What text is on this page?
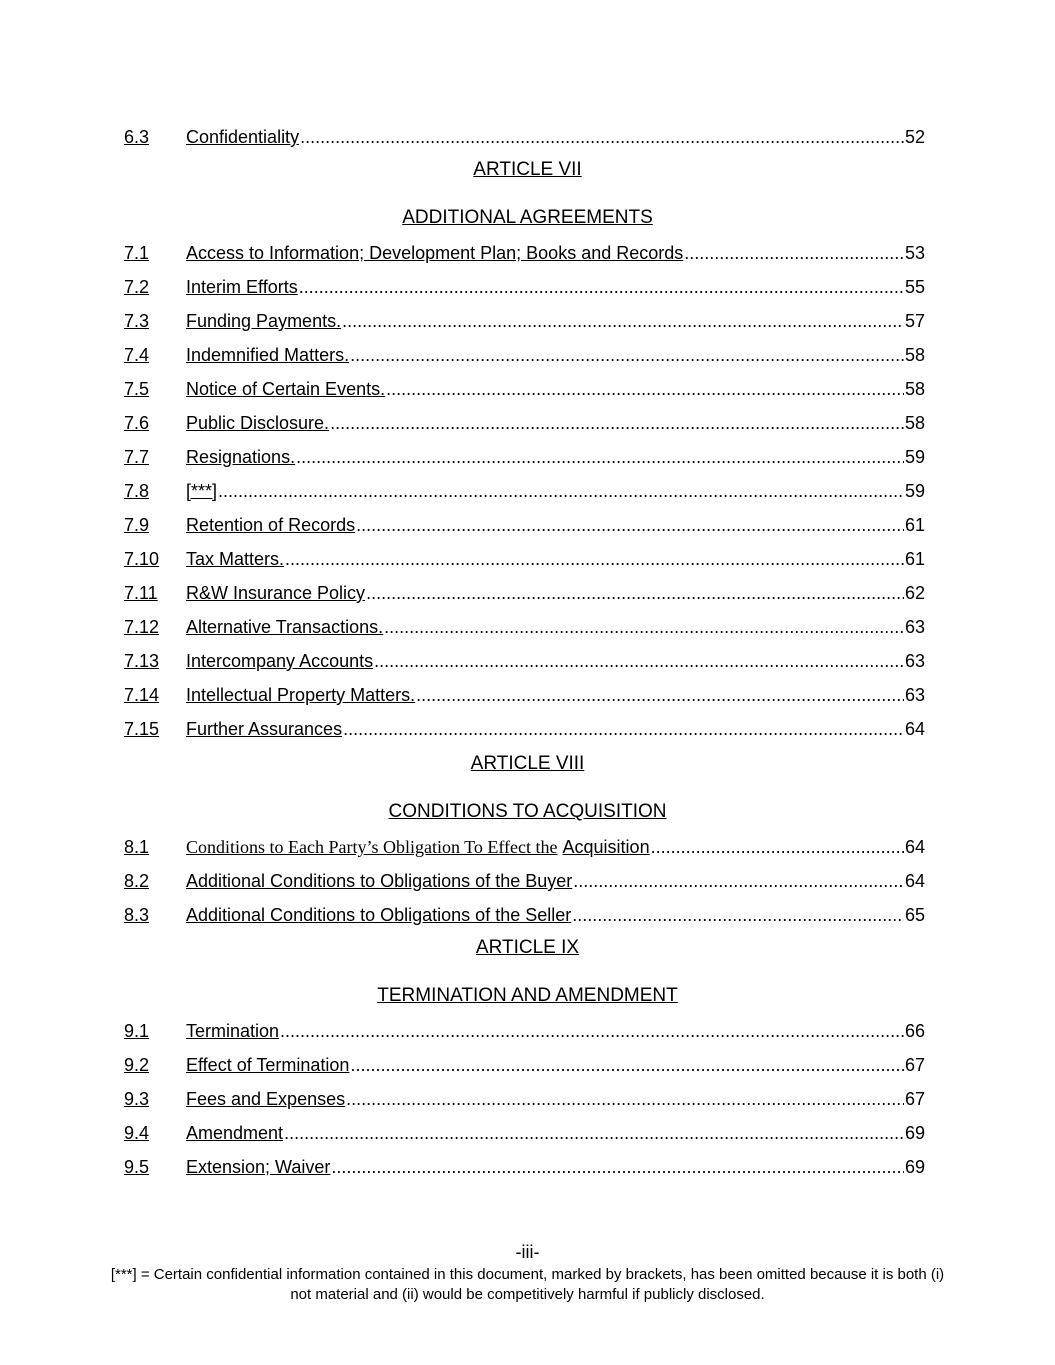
6.3	Confidentiality .....	52
ARTICLE VII
ADDITIONAL AGREEMENTS
7.1	Access to Information; Development Plan; Books and Records .....	53
7.2	Interim Efforts .....	55
7.3	Funding Payments. .....	57
7.4	Indemnified Matters. .....	58
7.5	Notice of Certain Events. .....	58
7.6	Public Disclosure. .....	58
7.7	Resignations. .....	59
7.8	[***] .....	59
7.9	Retention of Records .....	61
7.10	Tax Matters. .....	61
7.11	R&W Insurance Policy .....	62
7.12	Alternative Transactions. .....	63
7.13	Intercompany Accounts .....	63
7.14	Intellectual Property Matters. .....	63
7.15	Further Assurances .....	64
ARTICLE VIII
CONDITIONS TO ACQUISITION
8.1	Conditions to Each Party’s Obligation To Effect the Acquisition .....	64
8.2	Additional Conditions to Obligations of the Buyer .....	64
8.3	Additional Conditions to Obligations of the Seller .....	65
ARTICLE IX
TERMINATION AND AMENDMENT
9.1	Termination .....	66
9.2	Effect of Termination .....	67
9.3	Fees and Expenses .....	67
9.4	Amendment .....	69
9.5	Extension; Waiver .....	69
-iii-
[***] = Certain confidential information contained in this document, marked by brackets, has been omitted because it is both (i) not material and (ii) would be competitively harmful if publicly disclosed.
